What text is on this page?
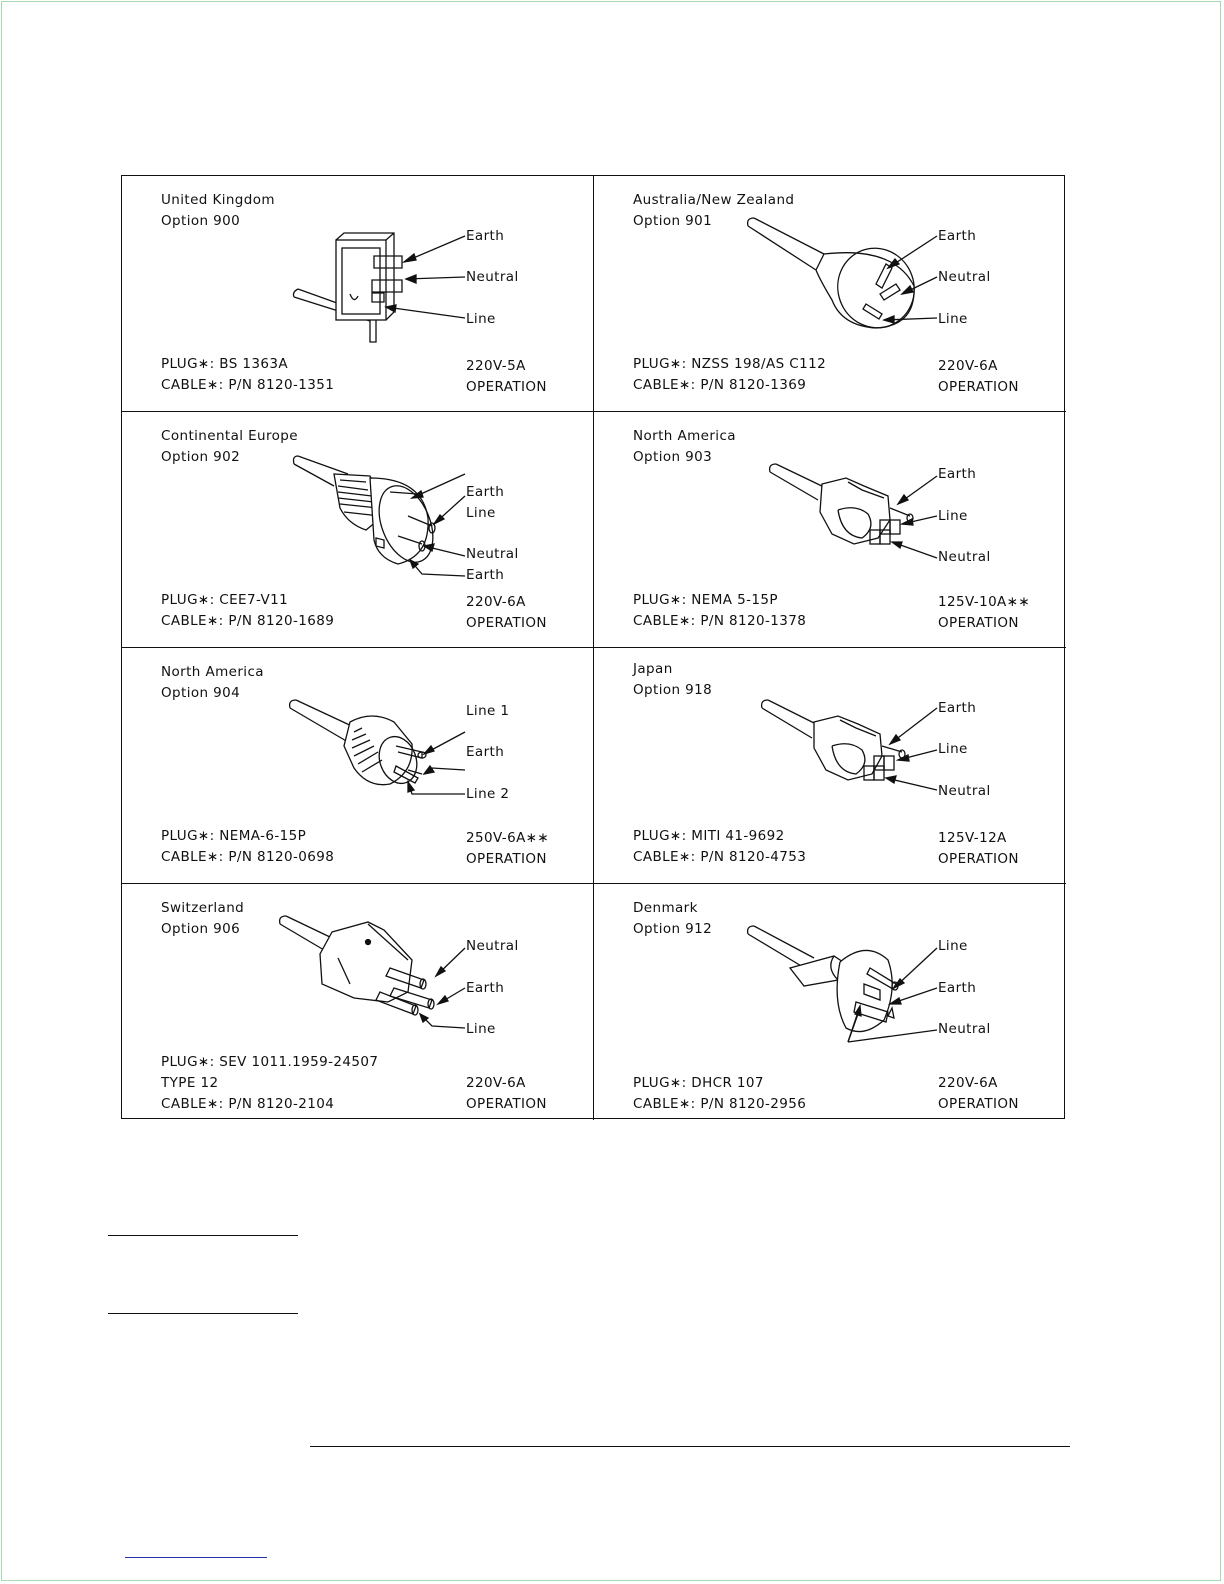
United Kingdom
Option 900
Earth
Neutral
Line
PLUG∗: BS 1363A
CABLE∗: P/N 8120-1351
220V-5A
OPERATION
Australia/New Zealand
Option 901
Earth
Neutral
Line
PLUG∗: NZSS 198/AS C112
CABLE∗: P/N 8120-1369
220V-6A
OPERATION
Continental Europe
Option 902
Earth
Line
Neutral
Earth
PLUG∗: CEE7-V11
CABLE∗: P/N 8120-1689
220V-6A
OPERATION
North America
Option 903
Earth
Line
Neutral
PLUG∗: NEMA 5-15P
CABLE∗: P/N 8120-1378
125V-10A∗∗
OPERATION
North America
Option 904
Line 1
Earth
Line 2
PLUG∗: NEMA-6-15P
CABLE∗: P/N 8120-0698
250V-6A∗∗
OPERATION
Japan
Option 918
Earth
Line
Neutral
PLUG∗: MITI 41-9692
CABLE∗: P/N 8120-4753
125V-12A
OPERATION
Switzerland
Option 906
Neutral
Earth
Line
PLUG∗: SEV 1011.1959-24507
TYPE 12
CABLE∗: P/N 8120-2104
220V-6A
OPERATION
Denmark
Option 912
Line
Earth
Neutral
PLUG∗: DHCR 107
CABLE∗: P/N 8120-2956
220V-6A
OPERATION
